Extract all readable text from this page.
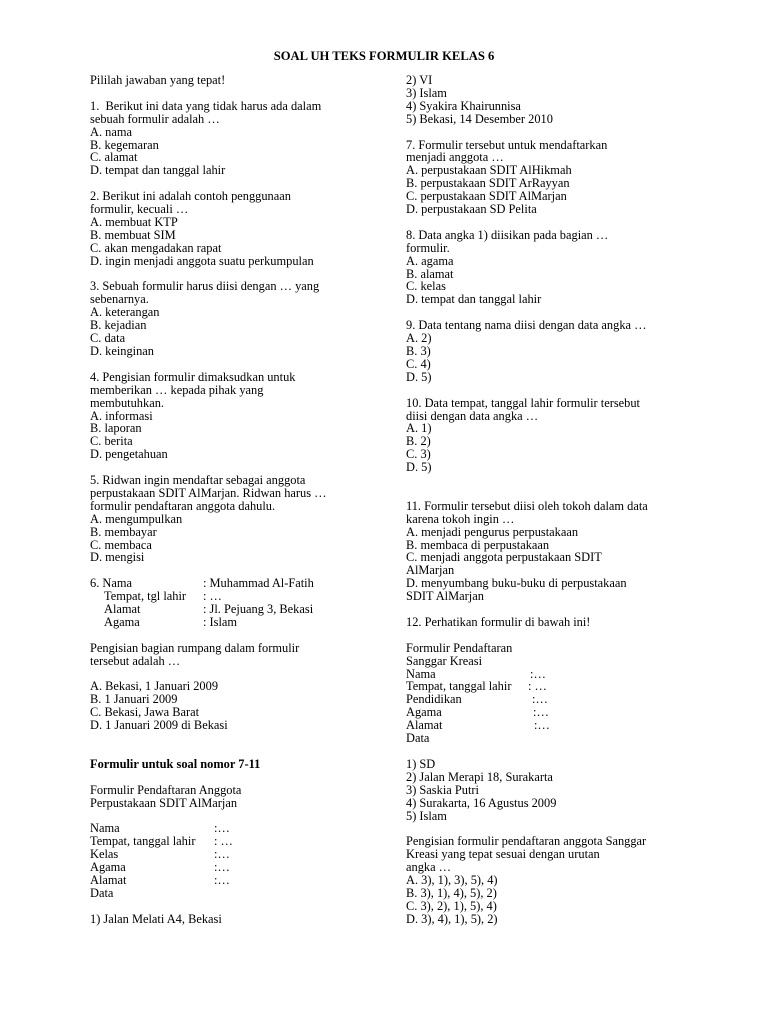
SOAL UH TEKS FORMULIR KELAS 6
Pililah jawaban yang tepat!
1.  Berikut ini data yang tidak harus ada dalam
sebuah formulir adalah …
A. nama
B. kegemaran
C. alamat
D. tempat dan tanggal lahir
2. Berikut ini adalah contoh penggunaan
formulir, kecuali …
A. membuat KTP
B. membuat SIM
C. akan mengadakan rapat
D. ingin menjadi anggota suatu perkumpulan
3. Sebuah formulir harus diisi dengan … yang
sebenarnya.
A. keterangan
B. kejadian
C. data
D. keinginan
4. Pengisian formulir dimaksudkan untuk
memberikan … kepada pihak yang
membutuhkan.
A. informasi
B. laporan
C. berita
D. pengetahuan
5. Ridwan ingin mendaftar sebagai anggota
perpustakaan SDIT AlMarjan. Ridwan harus …
formulir pendaftaran anggota dahulu.
A. mengumpulkan
B. membayar
C. membaca
D. mengisi
6. Nama	: Muhammad Al-Fatih
Tempat, tgl lahir	: …
Alamat	: Jl. Pejuang 3, Bekasi
Agama	: Islam
Pengisian bagian rumpang dalam formulir
tersebut adalah …
A. Bekasi, 1 Januari 2009
B. 1 Januari 2009
C. Bekasi, Jawa Barat
D. 1 Januari 2009 di Bekasi

Formulir untuk soal nomor 7-11
Formulir Pendaftaran Anggota
Perpustakaan SDIT AlMarjan
Nama	:…
Tempat, tanggal lahir	: …
Kelas	:…
Agama	:…
Alamat	:…
Data
1) Jalan Melati A4, Bekasi
2) VI
3) Islam
4) Syakira Khairunnisa
5) Bekasi, 14 Desember 2010
7. Formulir tersebut untuk mendaftarkan
menjadi anggota …
A. perpustakaan SDIT AlHikmah
B. perpustakaan SDIT ArRayyan
C. perpustakaan SDIT AlMarjan
D. perpustakaan SD Pelita
8. Data angka 1) diisikan pada bagian …
formulir.
A. agama
B. alamat
C. kelas
D. tempat dan tanggal lahir
9. Data tentang nama diisi dengan data angka …
A. 2)
B. 3)
C. 4)
D. 5)
10. Data tempat, tanggal lahir formulir tersebut
diisi dengan data angka …
A. 1)
B. 2)
C. 3)
D. 5)

11. Formulir tersebut diisi oleh tokoh dalam data
karena tokoh ingin …
A. menjadi pengurus perpustakaan
B. membaca di perpustakaan
C. menjadi anggota perpustakaan SDIT
AlMarjan
D. menyumbang buku-buku di perpustakaan
SDIT AlMarjan
12. Perhatikan formulir di bawah ini!
Formulir Pendaftaran
Sanggar Kreasi
Nama	:…
Tempat, tanggal lahir	: …
Pendidikan	:…
Agama	:…
Alamat	:…
Data
1) SD
2) Jalan Merapi 18, Surakarta
3) Saskia Putri
4) Surakarta, 16 Agustus 2009
5) Islam
Pengisian formulir pendaftaran anggota Sanggar
Kreasi yang tepat sesuai dengan urutan
angka …
A. 3), 1), 3), 5), 4)
B. 3), 1), 4), 5), 2)
C. 3), 2), 1), 5), 4)
D. 3), 4), 1), 5), 2)
